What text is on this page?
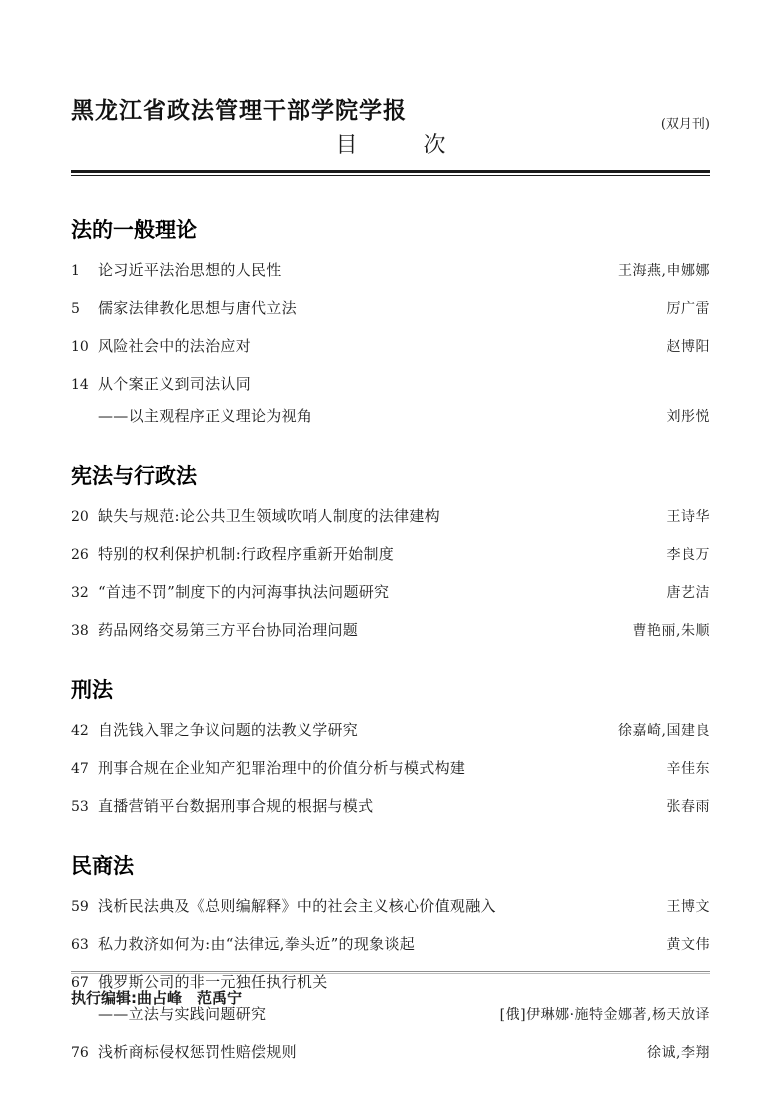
黑龙江省政法管理干部学院学报
(双月刊)
目　　　次
法的一般理论
1	论习近平法治思想的人民性	王海燕,申娜娜
5	儒家法律教化思想与唐代立法	厉广雷
10 风险社会中的法治应对	赵博阳
14 从个案正义到司法认同
——以主观程序正义理论为视角	刘彤悦
宪法与行政法
20 缺失与规范:论公共卫生领域吹哨人制度的法律建构	王诗华
26 特别的权利保护机制:行政程序重新开始制度	李良万
32 “首违不罚”制度下的内河海事执法问题研究	唐艺洁
38 药品网络交易第三方平台协同治理问题	曹艳丽,朱顺
刑法
42 自洗钱入罪之争议问题的法教义学研究	徐嘉崎,国建良
47 刑事合规在企业知产犯罪治理中的价值分析与模式构建	辛佳东
53 直播营销平台数据刑事合规的根据与模式	张春雨
民商法
59 浅析民法典及《总则编解释》中的社会主义核心价值观融入	王博文
63 私力救济如何为:由“法律远,拳头近”的现象谈起	黄文伟
67 俄罗斯公司的非一元独任执行机关
——立法与实践问题研究	[俄]伊琳娜·施特金娜著,杨天放译
76 浅析商标侵权惩罚性赔偿规则	徐诚,李翔
执行编辑:曲占峰　范禹宁
